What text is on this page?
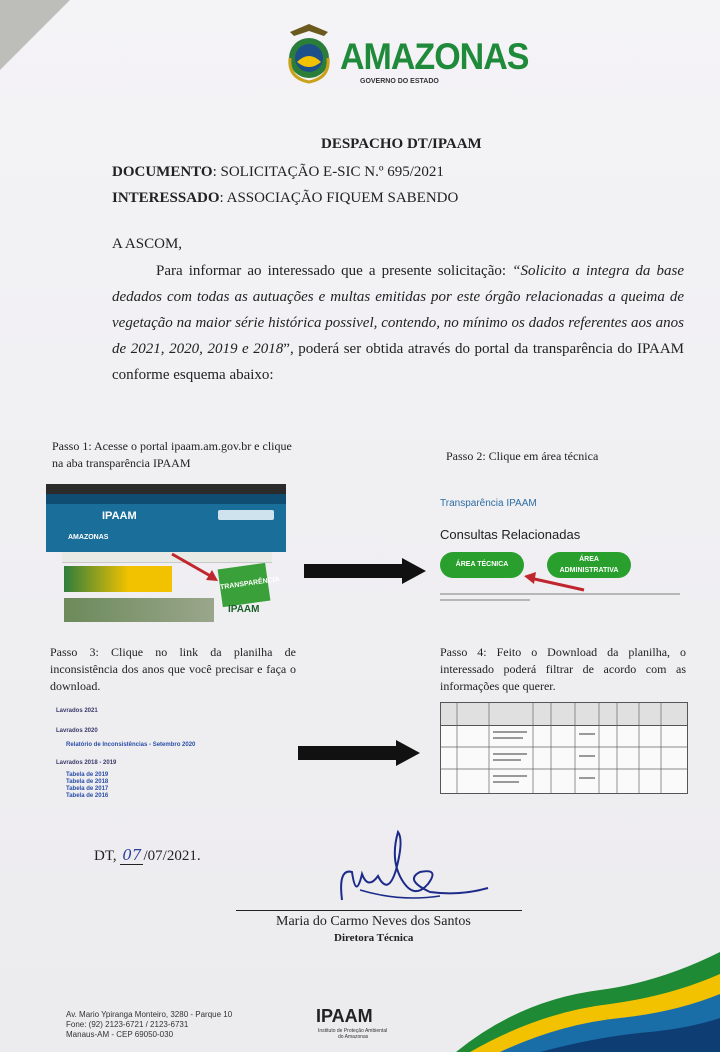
AMAZONAS
GOVERNO DO ESTADO
DESPACHO DT/IPAAM
DOCUMENTO: SOLICITAÇÃO E-SIC N.º 695/2021
INTERESSADO: ASSOCIAÇÃO FIQUEM SABENDO
A ASCOM,
Para informar ao interessado que a presente solicitação: “Solicito a integra da base dedados com todas as autuações e multas emitidas por este órgão relacionadas a queima de vegetação na maior série histórica possivel, contendo, no mínimo os dados referentes aos anos de 2021, 2020, 2019 e 2018”, poderá ser obtida através do portal da transparência do IPAAM conforme esquema abaixo:
Passo 1: Acesse o portal ipaam.am.gov.br e clique na aba transparência IPAAM
IPAAM
AMAZONAS
TRANSPARÊNCIA
IPAAM
Passo 2: Clique em área técnica
Transparência IPAAM
Consultas Relacionadas
ÁREA TÉCNICA
ÁREA
ADMINISTRATIVA
Passo 3: Clique no link da planilha de inconsistência dos anos que você precisar e faça o download.
Lavrados 2021
Lavrados 2020
Relatório de Inconsistências - Setembro 2020
Lavrados 2018 - 2019
Tabela de 2019
Tabela de 2018
Tabela de 2017
Tabela de 2016
Passo 4: Feito o Download da planilha, o interessado poderá filtrar de acordo com as informações que querer.
DT, 07 /07/2021.
Maria do Carmo Neves dos Santos
Diretora Técnica
Av. Mario Ypiranga Monteiro, 3280 - Parque 10
Fone: (92) 2123-6721 / 2123-6731
Manaus-AM - CEP 69050-030
IPAAM
Instituto de Proteção Ambiental
do Amazonas
